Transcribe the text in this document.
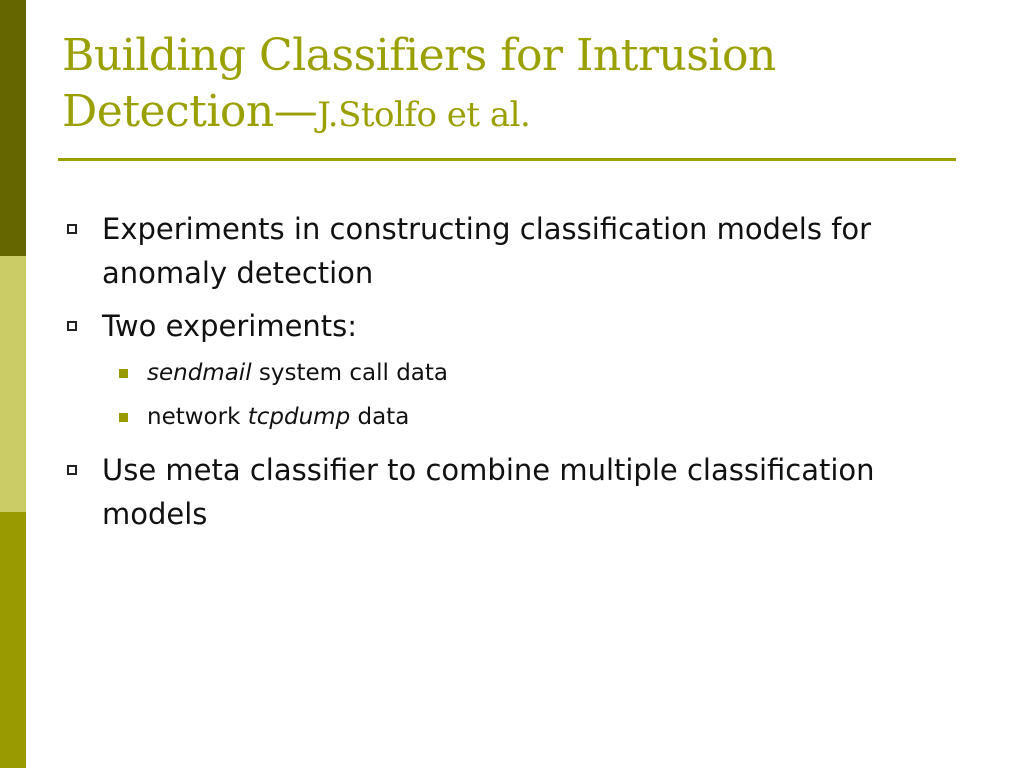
Building Classifiers for Intrusion Detection—J.Stolfo et al.
Experiments in constructing classification models for anomaly detection
Two experiments:
sendmail system call data
network tcpdump data
Use meta classifier to combine multiple classification models
